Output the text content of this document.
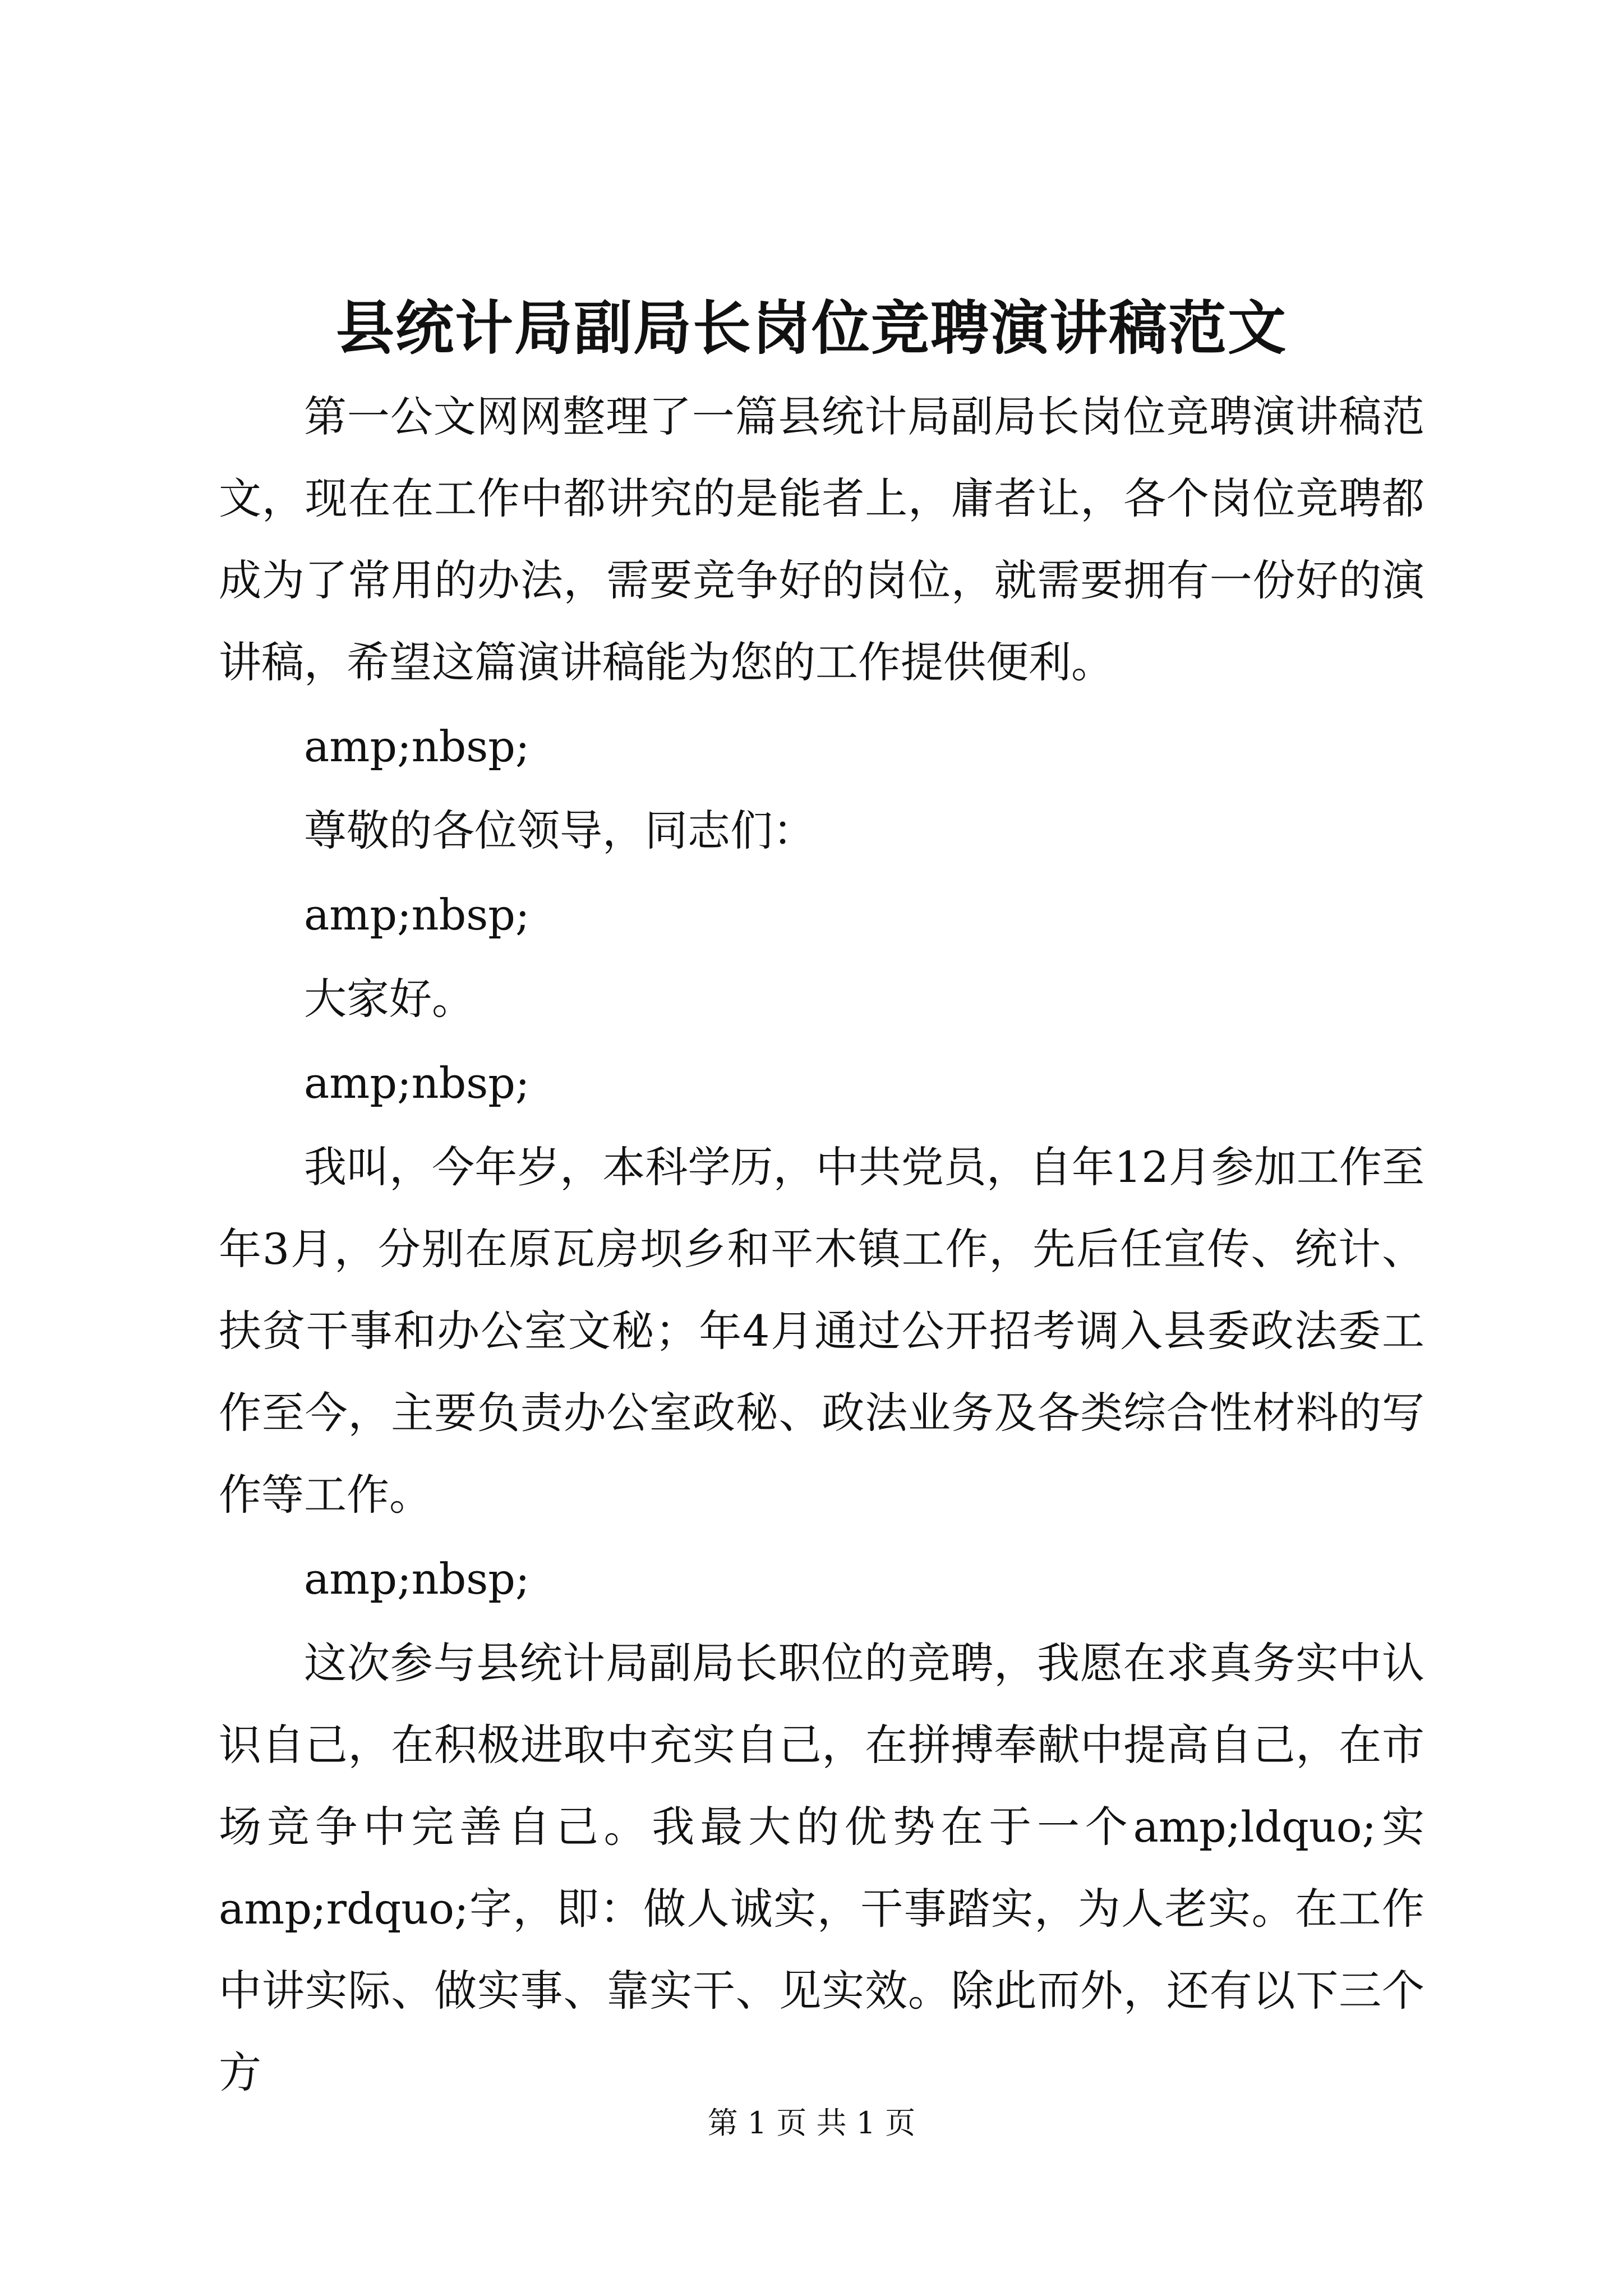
县统计局副局长岗位竞聘演讲稿范文

第一公文网网整理了一篇县统计局副局长岗位竞聘演讲稿范文，现在在工作中都讲究的是能者上，庸者让，各个岗位竞聘都成为了常用的办法，需要竞争好的岗位，就需要拥有一份好的演讲稿，希望这篇演讲稿能为您的工作提供便利。

amp;nbsp;

尊敬的各位领导，同志们：

amp;nbsp;

大家好。

amp;nbsp;

我叫，今年岁，本科学历，中共党员，自年12月参加工作至年3月，分别在原瓦房坝乡和平木镇工作，先后任宣传、统计、扶贫干事和办公室文秘；年4月通过公开招考调入县委政法委工作至今，主要负责办公室政秘、政法业务及各类综合性材料的写作等工作。

amp;nbsp;

这次参与县统计局副局长职位的竞聘，我愿在求真务实中认识自己，在积极进取中充实自己，在拼搏奉献中提高自己，在市场竞争中完善自己。我最大的优势在于一个amp;ldquo;实amp;rdquo;字，即：做人诚实，干事踏实，为人老实。在工作中讲实际、做实事、靠实干、见实效。除此而外，还有以下三个方

第 1 页 共 1 页
